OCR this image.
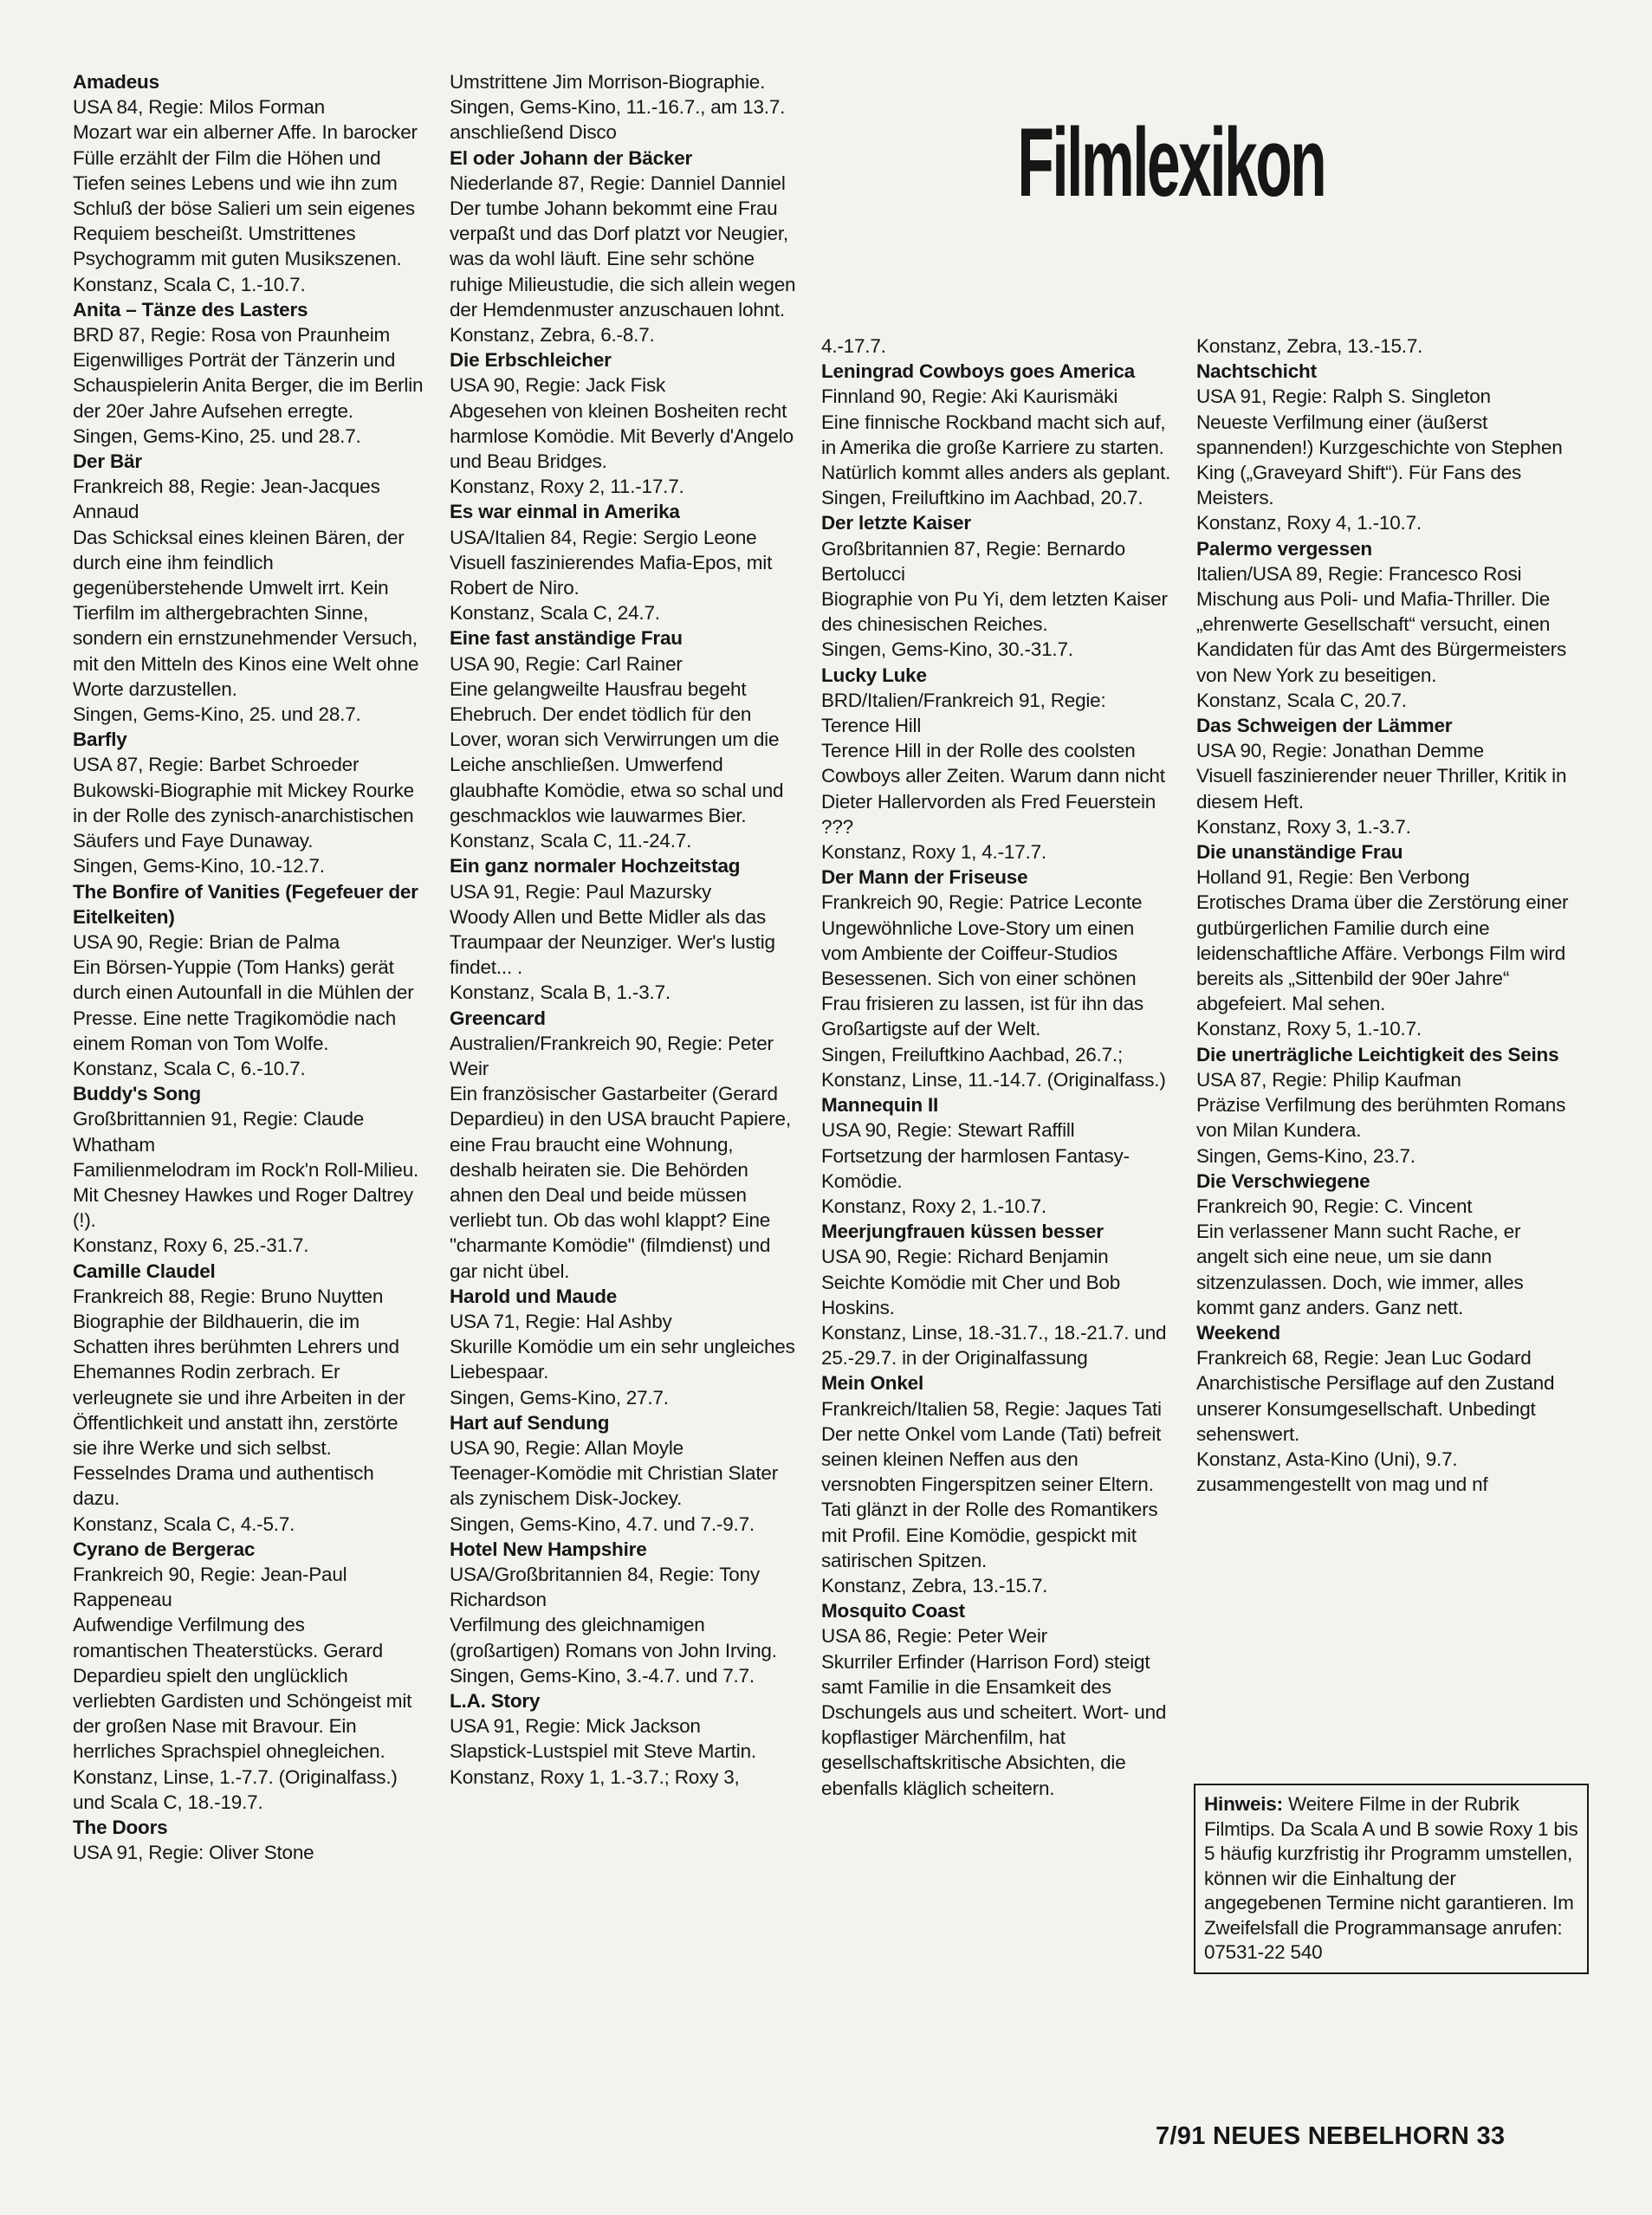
Filmlexikon

Amadeus

USA 84, Regie: Milos Forman

Mozart war ein alberner Affe. In barocker Fülle erzählt der Film die Höhen und Tiefen seines Lebens und wie ihn zum Schluß der böse Salieri um sein eigenes Requiem bescheißt. Umstrittenes Psychogramm mit guten Musikszenen.

Konstanz, Scala C, 1.-10.7.

Anita – Tänze des Lasters

BRD 87, Regie: Rosa von Praunheim

Eigenwilliges Porträt der Tänzerin und Schauspielerin Anita Berger, die im Berlin der 20er Jahre Aufsehen erregte.

Singen, Gems-Kino, 25. und 28.7.

Der Bär

Frankreich 88, Regie: Jean-Jacques Annaud

Das Schicksal eines kleinen Bären, der durch eine ihm feindlich gegenüberstehende Umwelt irrt. Kein Tierfilm im althergebrachten Sinne, sondern ein ernstzunehmender Versuch, mit den Mitteln des Kinos eine Welt ohne Worte darzustellen.

Singen, Gems-Kino, 25. und 28.7.

Barfly

USA 87, Regie: Barbet Schroeder

Bukowski-Biographie mit Mickey Rourke in der Rolle des zynisch-anarchistischen Säufers und Faye Dunaway.

Singen, Gems-Kino, 10.-12.7.

The Bonfire of Vanities (Fegefeuer der Eitelkeiten)

USA 90, Regie: Brian de Palma

Ein Börsen-Yuppie (Tom Hanks) gerät durch einen Autounfall in die Mühlen der Presse. Eine nette Tragikomödie nach einem Roman von Tom Wolfe.

Konstanz, Scala C, 6.-10.7.

Buddy's Song

Großbrittannien 91, Regie: Claude Whatham

Familienmelodram im Rock'n Roll-Milieu. Mit Chesney Hawkes und Roger Daltrey (!).

Konstanz, Roxy 6, 25.-31.7.

Camille Claudel

Frankreich 88, Regie: Bruno Nuytten

Biographie der Bildhauerin, die im Schatten ihres berühmten Lehrers und Ehemannes Rodin zerbrach. Er verleugnete sie und ihre Arbeiten in der Öffentlichkeit und anstatt ihn, zerstörte sie ihre Werke und sich selbst. Fesselndes Drama und authentisch dazu.

Konstanz, Scala C, 4.-5.7.

Cyrano de Bergerac

Frankreich 90, Regie: Jean-Paul Rappeneau

Aufwendige Verfilmung des romantischen Theaterstücks. Gerard Depardieu spielt den unglücklich verliebten Gardisten und Schöngeist mit der großen Nase mit Bravour. Ein herrliches Sprachspiel ohnegleichen.

Konstanz, Linse, 1.-7.7. (Originalfass.) und Scala C, 18.-19.7.

The Doors

USA 91, Regie: Oliver Stone

Umstrittene Jim Morrison-Biographie.

Singen, Gems-Kino, 11.-16.7., am 13.7. anschließend Disco

El oder Johann der Bäcker

Niederlande 87, Regie: Danniel Danniel

Der tumbe Johann bekommt eine Frau verpaßt und das Dorf platzt vor Neugier, was da wohl läuft. Eine sehr schöne ruhige Milieustudie, die sich allein wegen der Hemdenmuster anzuschauen lohnt.

Konstanz, Zebra, 6.-8.7.

Die Erbschleicher

USA 90, Regie: Jack Fisk

Abgesehen von kleinen Bosheiten recht harmlose Komödie. Mit Beverly d'Angelo und Beau Bridges.

Konstanz, Roxy 2, 11.-17.7.

Es war einmal in Amerika

USA/Italien 84, Regie: Sergio Leone

Visuell faszinierendes Mafia-Epos, mit Robert de Niro.

Konstanz, Scala C, 24.7.

Eine fast anständige Frau

USA 90, Regie: Carl Rainer

Eine gelangweilte Hausfrau begeht Ehebruch. Der endet tödlich für den Lover, woran sich Verwirrungen um die Leiche anschließen. Umwerfend glaubhafte Komödie, etwa so schal und geschmacklos wie lauwarmes Bier.

Konstanz, Scala C, 11.-24.7.

Ein ganz normaler Hochzeitstag

USA 91, Regie: Paul Mazursky

Woody Allen und Bette Midler als das Traumpaar der Neunziger. Wer's lustig findet... .

Konstanz, Scala B, 1.-3.7.

Greencard

Australien/Frankreich 90, Regie: Peter Weir

Ein französischer Gastarbeiter (Gerard Depardieu) in den USA braucht Papiere, eine Frau braucht eine Wohnung, deshalb heiraten sie. Die Behörden ahnen den Deal und beide müssen verliebt tun. Ob das wohl klappt? Eine "charmante Komödie" (filmdienst) und gar nicht übel.

Harold und Maude

USA 71, Regie: Hal Ashby

Skurille Komödie um ein sehr ungleiches Liebespaar.

Singen, Gems-Kino, 27.7.

Hart auf Sendung

USA 90, Regie: Allan Moyle

Teenager-Komödie mit Christian Slater als zynischem Disk-Jockey.

Singen, Gems-Kino, 4.7. und 7.-9.7.

Hotel New Hampshire

USA/Großbritannien 84, Regie: Tony Richardson

Verfilmung des gleichnamigen (großartigen) Romans von John Irving.

Singen, Gems-Kino, 3.-4.7. und 7.7.

L.A. Story

USA 91, Regie: Mick Jackson

Slapstick-Lustspiel mit Steve Martin.

Konstanz, Roxy 1, 1.-3.7.; Roxy 3,

4.-17.7.

Leningrad Cowboys goes America

Finnland 90, Regie: Aki Kaurismäki

Eine finnische Rockband macht sich auf, in Amerika die große Karriere zu starten. Natürlich kommt alles anders als geplant.

Singen, Freiluftkino im Aachbad, 20.7.

Der letzte Kaiser

Großbritannien 87, Regie: Bernardo Bertolucci

Biographie von Pu Yi, dem letzten Kaiser des chinesischen Reiches.

Singen, Gems-Kino, 30.-31.7.

Lucky Luke

BRD/Italien/Frankreich 91, Regie: Terence Hill

Terence Hill in der Rolle des coolsten Cowboys aller Zeiten. Warum dann nicht Dieter Hallervorden als Fred Feuerstein ???

Konstanz, Roxy 1, 4.-17.7.

Der Mann der Friseuse

Frankreich 90, Regie: Patrice Leconte

Ungewöhnliche Love-Story um einen vom Ambiente der Coiffeur-Studios Besessenen. Sich von einer schönen Frau frisieren zu lassen, ist für ihn das Großartigste auf der Welt.

Singen, Freiluftkino Aachbad, 26.7.; Konstanz, Linse, 11.-14.7. (Originalfass.)

Mannequin II

USA 90, Regie: Stewart Raffill

Fortsetzung der harmlosen Fantasy-Komödie.

Konstanz, Roxy 2, 1.-10.7.

Meerjungfrauen küssen besser

USA 90, Regie: Richard Benjamin

Seichte Komödie mit Cher und Bob Hoskins.

Konstanz, Linse, 18.-31.7., 18.-21.7. und 25.-29.7. in der Originalfassung

Mein Onkel

Frankreich/Italien 58, Regie: Jaques Tati

Der nette Onkel vom Lande (Tati) befreit seinen kleinen Neffen aus den versnobten Fingerspitzen seiner Eltern. Tati glänzt in der Rolle des Romantikers mit Profil. Eine Komödie, gespickt mit satirischen Spitzen.

Konstanz, Zebra, 13.-15.7.

Mosquito Coast

USA 86, Regie: Peter Weir

Skurriler Erfinder (Harrison Ford) steigt samt Familie in die Ensamkeit des Dschungels aus und scheitert. Wort- und kopflastiger Märchenfilm, hat gesellschaftskritische Absichten, die ebenfalls kläglich scheitern.

Konstanz, Zebra, 13.-15.7.

Nachtschicht

USA 91, Regie: Ralph S. Singleton

Neueste Verfilmung einer (äußerst spannenden!) Kurzgeschichte von Stephen King („Graveyard Shift“). Für Fans des Meisters.

Konstanz, Roxy 4, 1.-10.7.

Palermo vergessen

Italien/USA 89, Regie: Francesco Rosi

Mischung aus Poli- und Mafia-Thriller. Die „ehrenwerte Gesellschaft“ versucht, einen Kandidaten für das Amt des Bürgermeisters von New York zu beseitigen.

Konstanz, Scala C, 20.7.

Das Schweigen der Lämmer

USA 90, Regie: Jonathan Demme

Visuell faszinierender neuer Thriller, Kritik in diesem Heft.

Konstanz, Roxy 3, 1.-3.7.

Die unanständige Frau

Holland 91, Regie: Ben Verbong

Erotisches Drama über die Zerstörung einer gutbürgerlichen Familie durch eine leidenschaftliche Affäre. Verbongs Film wird bereits als „Sittenbild der 90er Jahre“ abgefeiert. Mal sehen.

Konstanz, Roxy 5, 1.-10.7.

Die unerträgliche Leichtigkeit des Seins

USA 87, Regie: Philip Kaufman

Präzise Verfilmung des berühmten Romans von Milan Kundera.

Singen, Gems-Kino, 23.7.

Die Verschwiegene

Frankreich 90, Regie: C. Vincent

Ein verlassener Mann sucht Rache, er angelt sich eine neue, um sie dann sitzenzulassen. Doch, wie immer, alles kommt ganz anders. Ganz nett.

Weekend

Frankreich 68, Regie: Jean Luc Godard

Anarchistische Persiflage auf den Zustand unserer Konsumgesellschaft. Unbedingt sehenswert.

Konstanz, Asta-Kino (Uni), 9.7.

zusammengestellt von mag und nf

Hinweis: Weitere Filme in der Rubrik Filmtips. Da Scala A und B sowie Roxy 1 bis 5 häufig kurzfristig ihr Programm umstellen, können wir die Einhaltung der angegebenen Termine nicht garantieren. Im Zweifelsfall die Programmansage anrufen: 07531-22 540
7/91 NEUES NEBELHORN 33
